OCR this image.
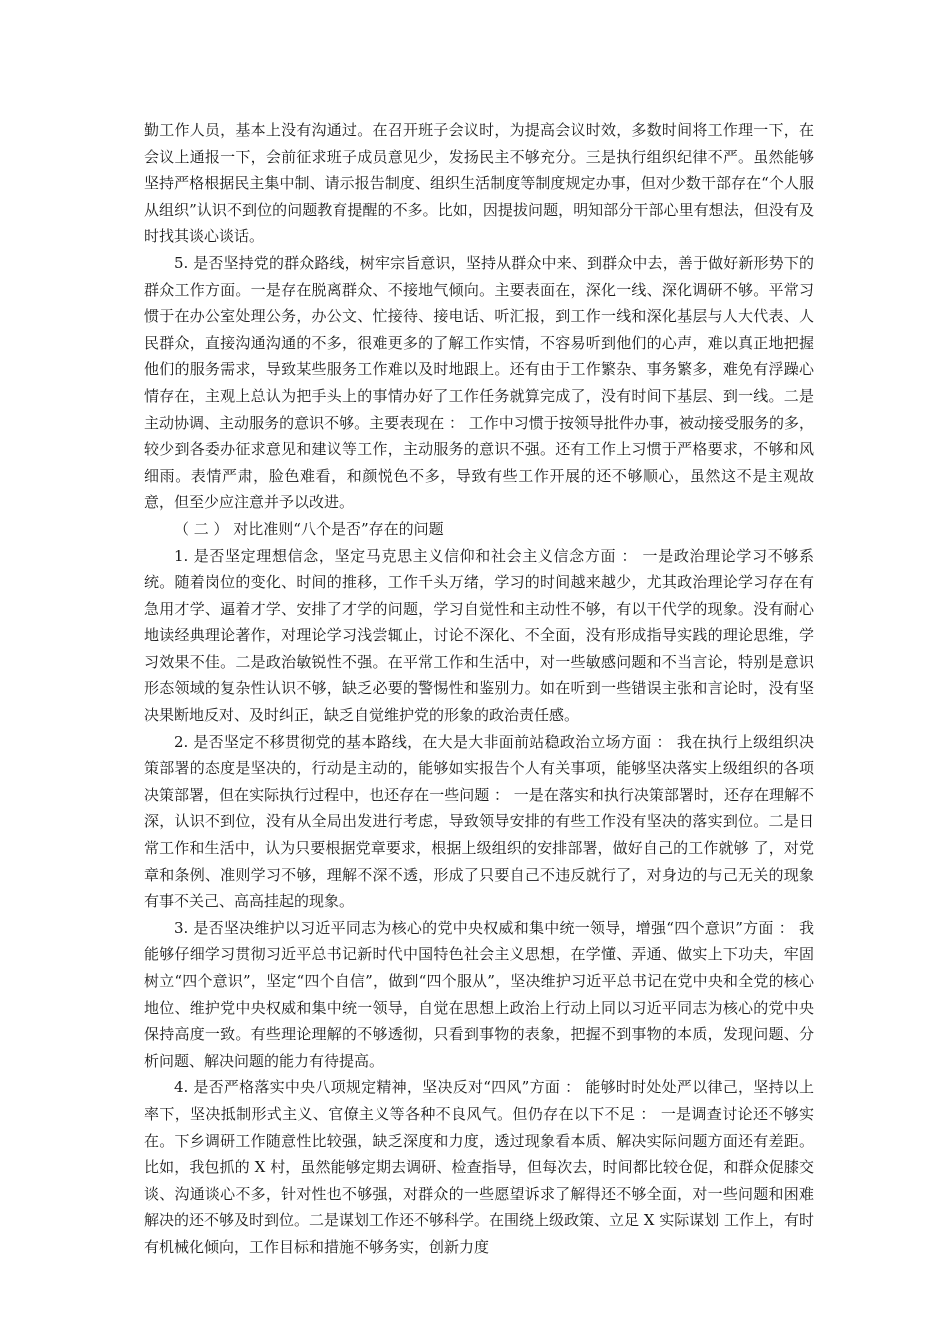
勤工作人员，基本上没有沟通过。在召开班子会议时，为提高会议时效，多数时间将工作理一下，在会议上通报一下，会前征求班子成员意见少，发扬民主不够充分。三是执行组织纪律不严。虽然能够坚持严格根据民主集中制、请示报告制度、组织生活制度等制度规定办事，但对少数干部存在“个人服从组织”认识不到位的问题教育提醒的不多。比如，因提拔问题，明知部分干部心里有想法，但没有及时找其谈心谈话。

5. 是否坚持党的群众路线，树牢宗旨意识，坚持从群众中来、到群众中去，善于做好新形势下的群众工作方面。一是存在脱离群众、不接地气倾向。主要表面在，深化一线、深化调研不够。平常习惯于在办公室处理公务，办公文、忙接待、接电话、听汇报，到工作一线和深化基层与人大代表、人民群众，直接沟通沟通的不多，很难更多的了解工作实情，不容易听到他们的心声，难以真正地把握他们的服务需求，导致某些服务工作难以及时地跟上。还有由于工作繁杂、事务繁多，难免有浮躁心情存在，主观上总认为把手头上的事情办好了工作任务就算完成了，没有时间下基层、到一线。二是主动协调、主动服务的意识不够。主要表现在 ： 工作中习惯于按领导批件办事，被动接受服务的多，较少到各委办征求意见和建议等工作，主动服务的意识不强。还有工作上习惯于严格要求，不够和风细雨。表情严肃，脸色难看，和颜悦色不多，导致有些工作开展的还不够顺心，虽然这不是主观故意，但至少应注意并予以改进。

（ 二 ） 对比准则“八个是否”存在的问题

1. 是否坚定理想信念，坚定马克思主义信仰和社会主义信念方面 ： 一是政治理论学习不够系统。随着岗位的变化、时间的推移，工作千头万绪，学习的时间越来越少，尤其政治理论学习存在有急用才学、逼着才学、安排了才学的问题，学习自觉性和主动性不够，有以干代学的现象。没有耐心地读经典理论著作，对理论学习浅尝辄止，讨论不深化、不全面，没有形成指导实践的理论思维，学习效果不佳。二是政治敏锐性不强。在平常工作和生活中，对一些敏感问题和不当言论，特别是意识形态领域的复杂性认识不够，缺乏必要的警惕性和鉴别力。如在听到一些错误主张和言论时，没有坚决果断地反对、及时纠正，缺乏自觉维护党的形象的政治责任感。

2. 是否坚定不移贯彻党的基本路线，在大是大非面前站稳政治立场方面 ： 我在执行上级组织决策部署的态度是坚决的，行动是主动的，能够如实报告个人有关事项，能够坚决落实上级组织的各项决策部署，但在实际执行过程中，也还存在一些问题 ： 一是在落实和执行决策部署时，还存在理解不深，认识不到位，没有从全局出发进行考虑，导致领导安排的有些工作没有坚决的落实到位。二是日常工作和生活中，认为只要根据党章要求，根据上级组织的安排部署，做好自己的工作就够 了，对党章和条例、准则学习不够，理解不深不透，形成了只要自己不违反就行了，对身边的与己无关的现象有事不关己、高高挂起的现象。

3. 是否坚决维护以习近平同志为核心的党中央权威和集中统一领导，增强“四个意识”方面 ： 我能够仔细学习贯彻习近平总书记新时代中国特色社会主义思想，在学懂、弄通、做实上下功夫，牢固树立“四个意识”，坚定“四个自信”，做到“四个服从”，坚决维护习近平总书记在党中央和全党的核心地位、维护党中央权威和集中统一领导，自觉在思想上政治上行动上同以习近平同志为核心的党中央保持高度一致。有些理论理解的不够透彻，只看到事物的表象，把握不到事物的本质，发现问题、分析问题、解决问题的能力有待提高。

4. 是否严格落实中央八项规定精神，坚决反对“四风”方面 ： 能够时时处处严以律己，坚持以上率下，坚决抵制形式主义、官僚主义等各种不良风气。但仍存在以下不足 ： 一是调查讨论还不够实在。下乡调研工作随意性比较强，缺乏深度和力度，透过现象看本质、解决实际问题方面还有差距。比如，我包抓的 X 村，虽然能够定期去调研、检查指导，但每次去，时间都比较仓促，和群众促膝交谈、沟通谈心不多，针对性也不够强，对群众的一些愿望诉求了解得还不够全面，对一些问题和困难解决的还不够及时到位。二是谋划工作还不够科学。在围绕上级政策、立足 X 实际谋划 工作上，有时有机械化倾向，工作目标和措施不够务实，创新力度
